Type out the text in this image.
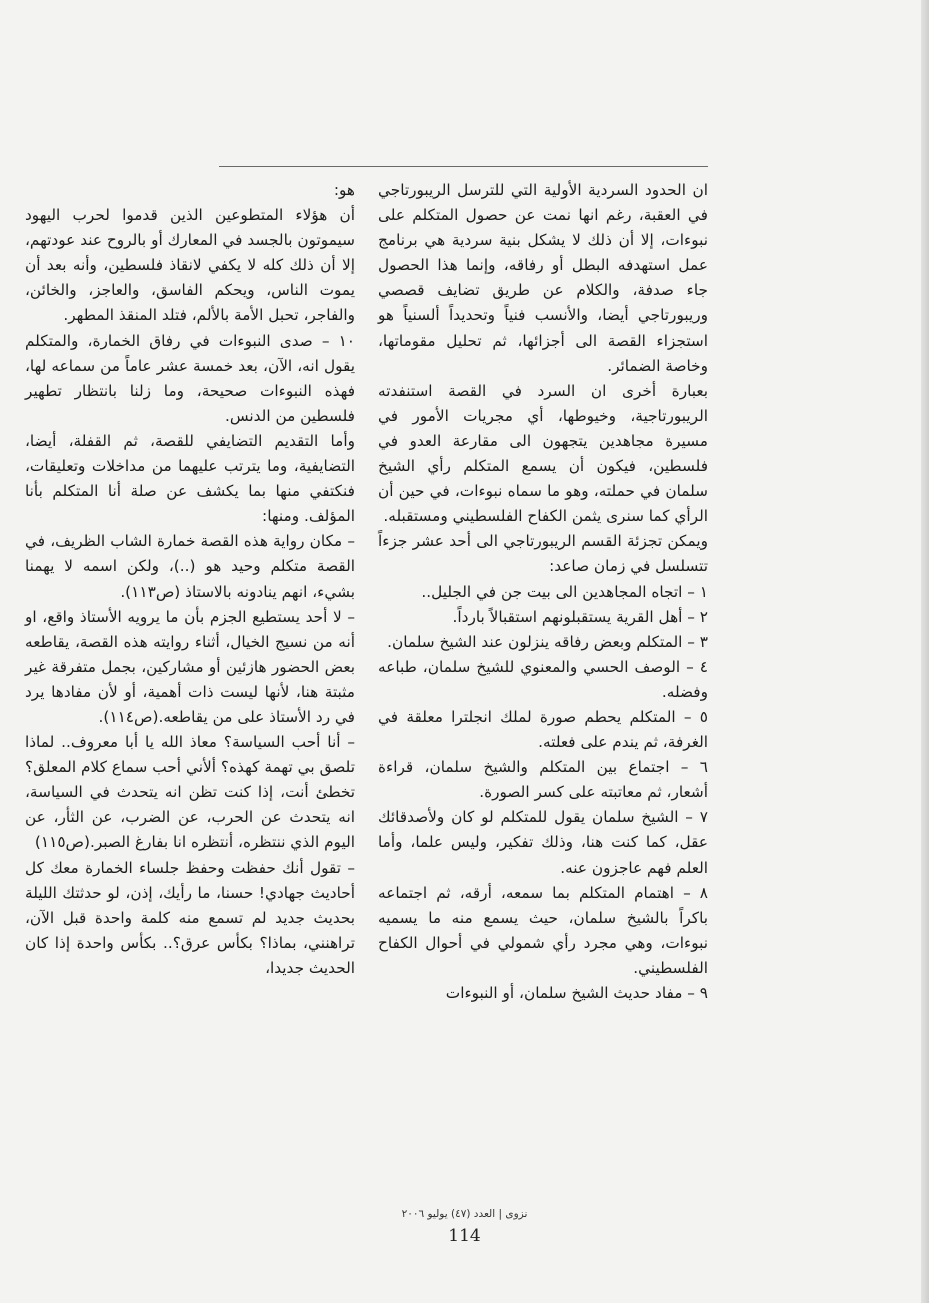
ان الحدود السردية الأولية التي للترسل الريبورتاجي في العقبة، رغم انها نمت عن حصول المتكلم على نبوءات، إلا أن ذلك لا يشكل بنية سردية هي برنامج عمل استهدفه البطل أو رفاقه، وإنما هذا الحصول جاء صدفة، والكلام عن طريق تضايف قصصي وريبورتاجي أيضا، والأنسب فنياً وتحديداً ألسنياً هو استجزاء القصة الى أجزائها، ثم تحليل مقوماتها، وخاصة الضمائر.

بعبارة أخرى ان السرد في القصة استنفدته الريبورتاجية، وخيوطها، أي مجريات الأمور في مسيرة مجاهدين يتجهون الى مقارعة العدو في فلسطين، فيكون أن يسمع المتكلم رأي الشيخ سلمان في حملته، وهو ما سماه نبوءات، في حين أن الرأي كما سنرى يثمن الكفاح الفلسطيني ومستقبله.

ويمكن تجزئة القسم الريبورتاجي الى أحد عشر جزءاً تتسلسل في زمان صاعد:

١ – اتجاه المجاهدين الى بيت جن في الجليل..

٢ – أهل القرية يستقبلونهم استقبالاً بارداً.

٣ – المتكلم وبعض رفاقه ينزلون عند الشيخ سلمان.

٤ – الوصف الحسي والمعنوي للشيخ سلمان، طباعه وفضله.

٥ – المتكلم يحطم صورة لملك انجلترا معلقة في الغرفة، ثم يندم على فعلته.

٦ – اجتماع بين المتكلم والشيخ سلمان، قراءة أشعار، ثم معاتبته على كسر الصورة.

٧ – الشيخ سلمان يقول للمتكلم لو كان ولأصدقائك عقل، كما كنت هنا، وذلك تفكير، وليس علما، وأما العلم فهم عاجزون عنه.

٨ – اهتمام المتكلم بما سمعه، أرقه، ثم اجتماعه باكراً بالشيخ سلمان، حيث يسمع منه ما يسميه نبوءات، وهي مجرد رأي شمولي في أحوال الكفاح الفلسطيني.

٩ – مفاد حديث الشيخ سلمان، أو النبوءات

هو:

أن هؤلاء المتطوعين الذين قدموا لحرب اليهود سيموتون بالجسد في المعارك أو بالروح عند عودتهم، إلا أن ذلك كله لا يكفي لانقاذ فلسطين، وأنه بعد أن يموت الناس، ويحكم الفاسق، والعاجز، والخائن، والفاجر، تحبل الأمة بالألم، فتلد المنقذ المطهر.

١٠ – صدى النبوءات في رفاق الخمارة، والمتكلم يقول انه، الآن، بعد خمسة عشر عاماً من سماعه لها، فهذه النبوءات صحيحة، وما زلنا بانتظار تطهير فلسطين من الدنس.

وأما التقديم التضايفي للقصة، ثم القفلة، أيضا، التضايفية، وما يترتب عليهما من مداخلات وتعليقات، فنكتفي منها بما يكشف عن صلة أنا المتكلم بأنا المؤلف. ومنها:

– مكان رواية هذه القصة خمارة الشاب الظريف، في القصة متكلم وحيد هو (..)، ولكن اسمه لا يهمنا بشيء، انهم ينادونه بالاستاذ (ص١١٣).

– لا أحد يستطيع الجزم بأن ما يرويه الأستاذ واقع، او أنه من نسيج الخيال، أثناء روايته هذه القصة، يقاطعه بعض الحضور هازئين أو مشاركين، بجمل متفرقة غير مثبتة هنا، لأنها ليست ذات أهمية، أو لأن مفادها يرد في رد الأستاذ على من يقاطعه.(ص١١٤).

– أنا أحب السياسة؟ معاذ الله يا أبا معروف.. لماذا تلصق بي تهمة كهذه؟ ألأني أحب سماع كلام المعلق؟ تخطئ أنت، إذا كنت تظن انه يتحدث في السياسة، انه يتحدث عن الحرب، عن الضرب، عن الثأر، عن اليوم الذي ننتظره، أنتظره انا بفارغ الصبر.(ص١١٥)

– تقول أنك حفظت وحفظ جلساء الخمارة معك كل أحاديث جهادي! حسنا، ما رأيك، إذن، لو حدثتك الليلة بحديث جديد لم تسمع منه كلمة واحدة قبل الآن، تراهنني، بماذا؟ بكأس عرق؟.. بكأس واحدة إذا كان الحديث جديدا،

نزوى | العدد (٤٧) يوليو ٢٠٠٦
114
